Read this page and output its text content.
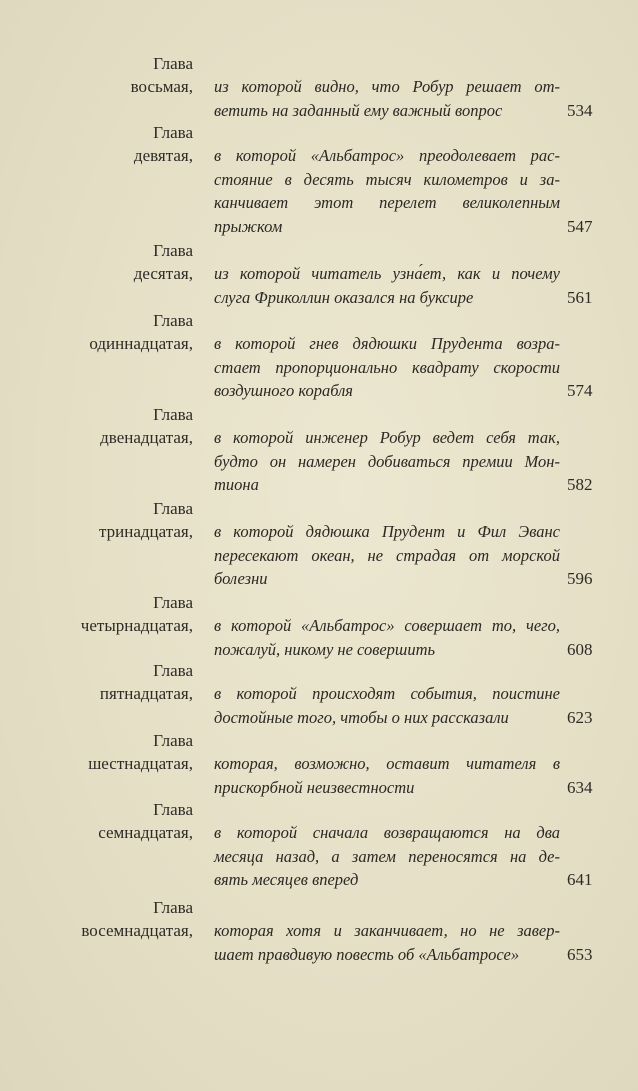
Глава
восьмая, из которой видно, что Робур решает от-
ветить на заданный ему важный вопрос	534
Глава
девятая, в которой «Альбатрос» преодолевает рас-
стояние в десять тысяч километров и за-
канчивает этот перелет великолепным
прыжком	547
Глава
десятая, из которой читатель узна́ет, как и почему
слуга Фриколлин оказался на буксире	561
Глава
одиннадцатая, в которой гнев дядюшки Прудента возра-
стает пропорционально квадрату скорости
воздушного корабля	574
Глава
двенадцатая, в которой инженер Робур ведет себя так,
будто он намерен добиваться премии Мон-
тиона	582
Глава
тринадцатая, в которой дядюшка Прудент и Фил Эванс
пересекают океан, не страдая от морской
болезни	596
Глава
четырнадцатая, в которой «Альбатрос» совершает то, чего,
пожалуй, никому не совершить	608
Глава
пятнадцатая, в которой происходят события, поистине
достойные того, чтобы о них рассказали	623
Глава
шестнадцатая, которая, возможно, оставит читателя в
прискорбной неизвестности	634
Глава
семнадцатая, в которой сначала возвращаются на два
месяца назад, а затем переносятся на де-
вять месяцев вперед	641
Глава
восемнадцатая, которая хотя и заканчивает, но не завер-
шает правдивую повесть об «Альбатросе»	653
